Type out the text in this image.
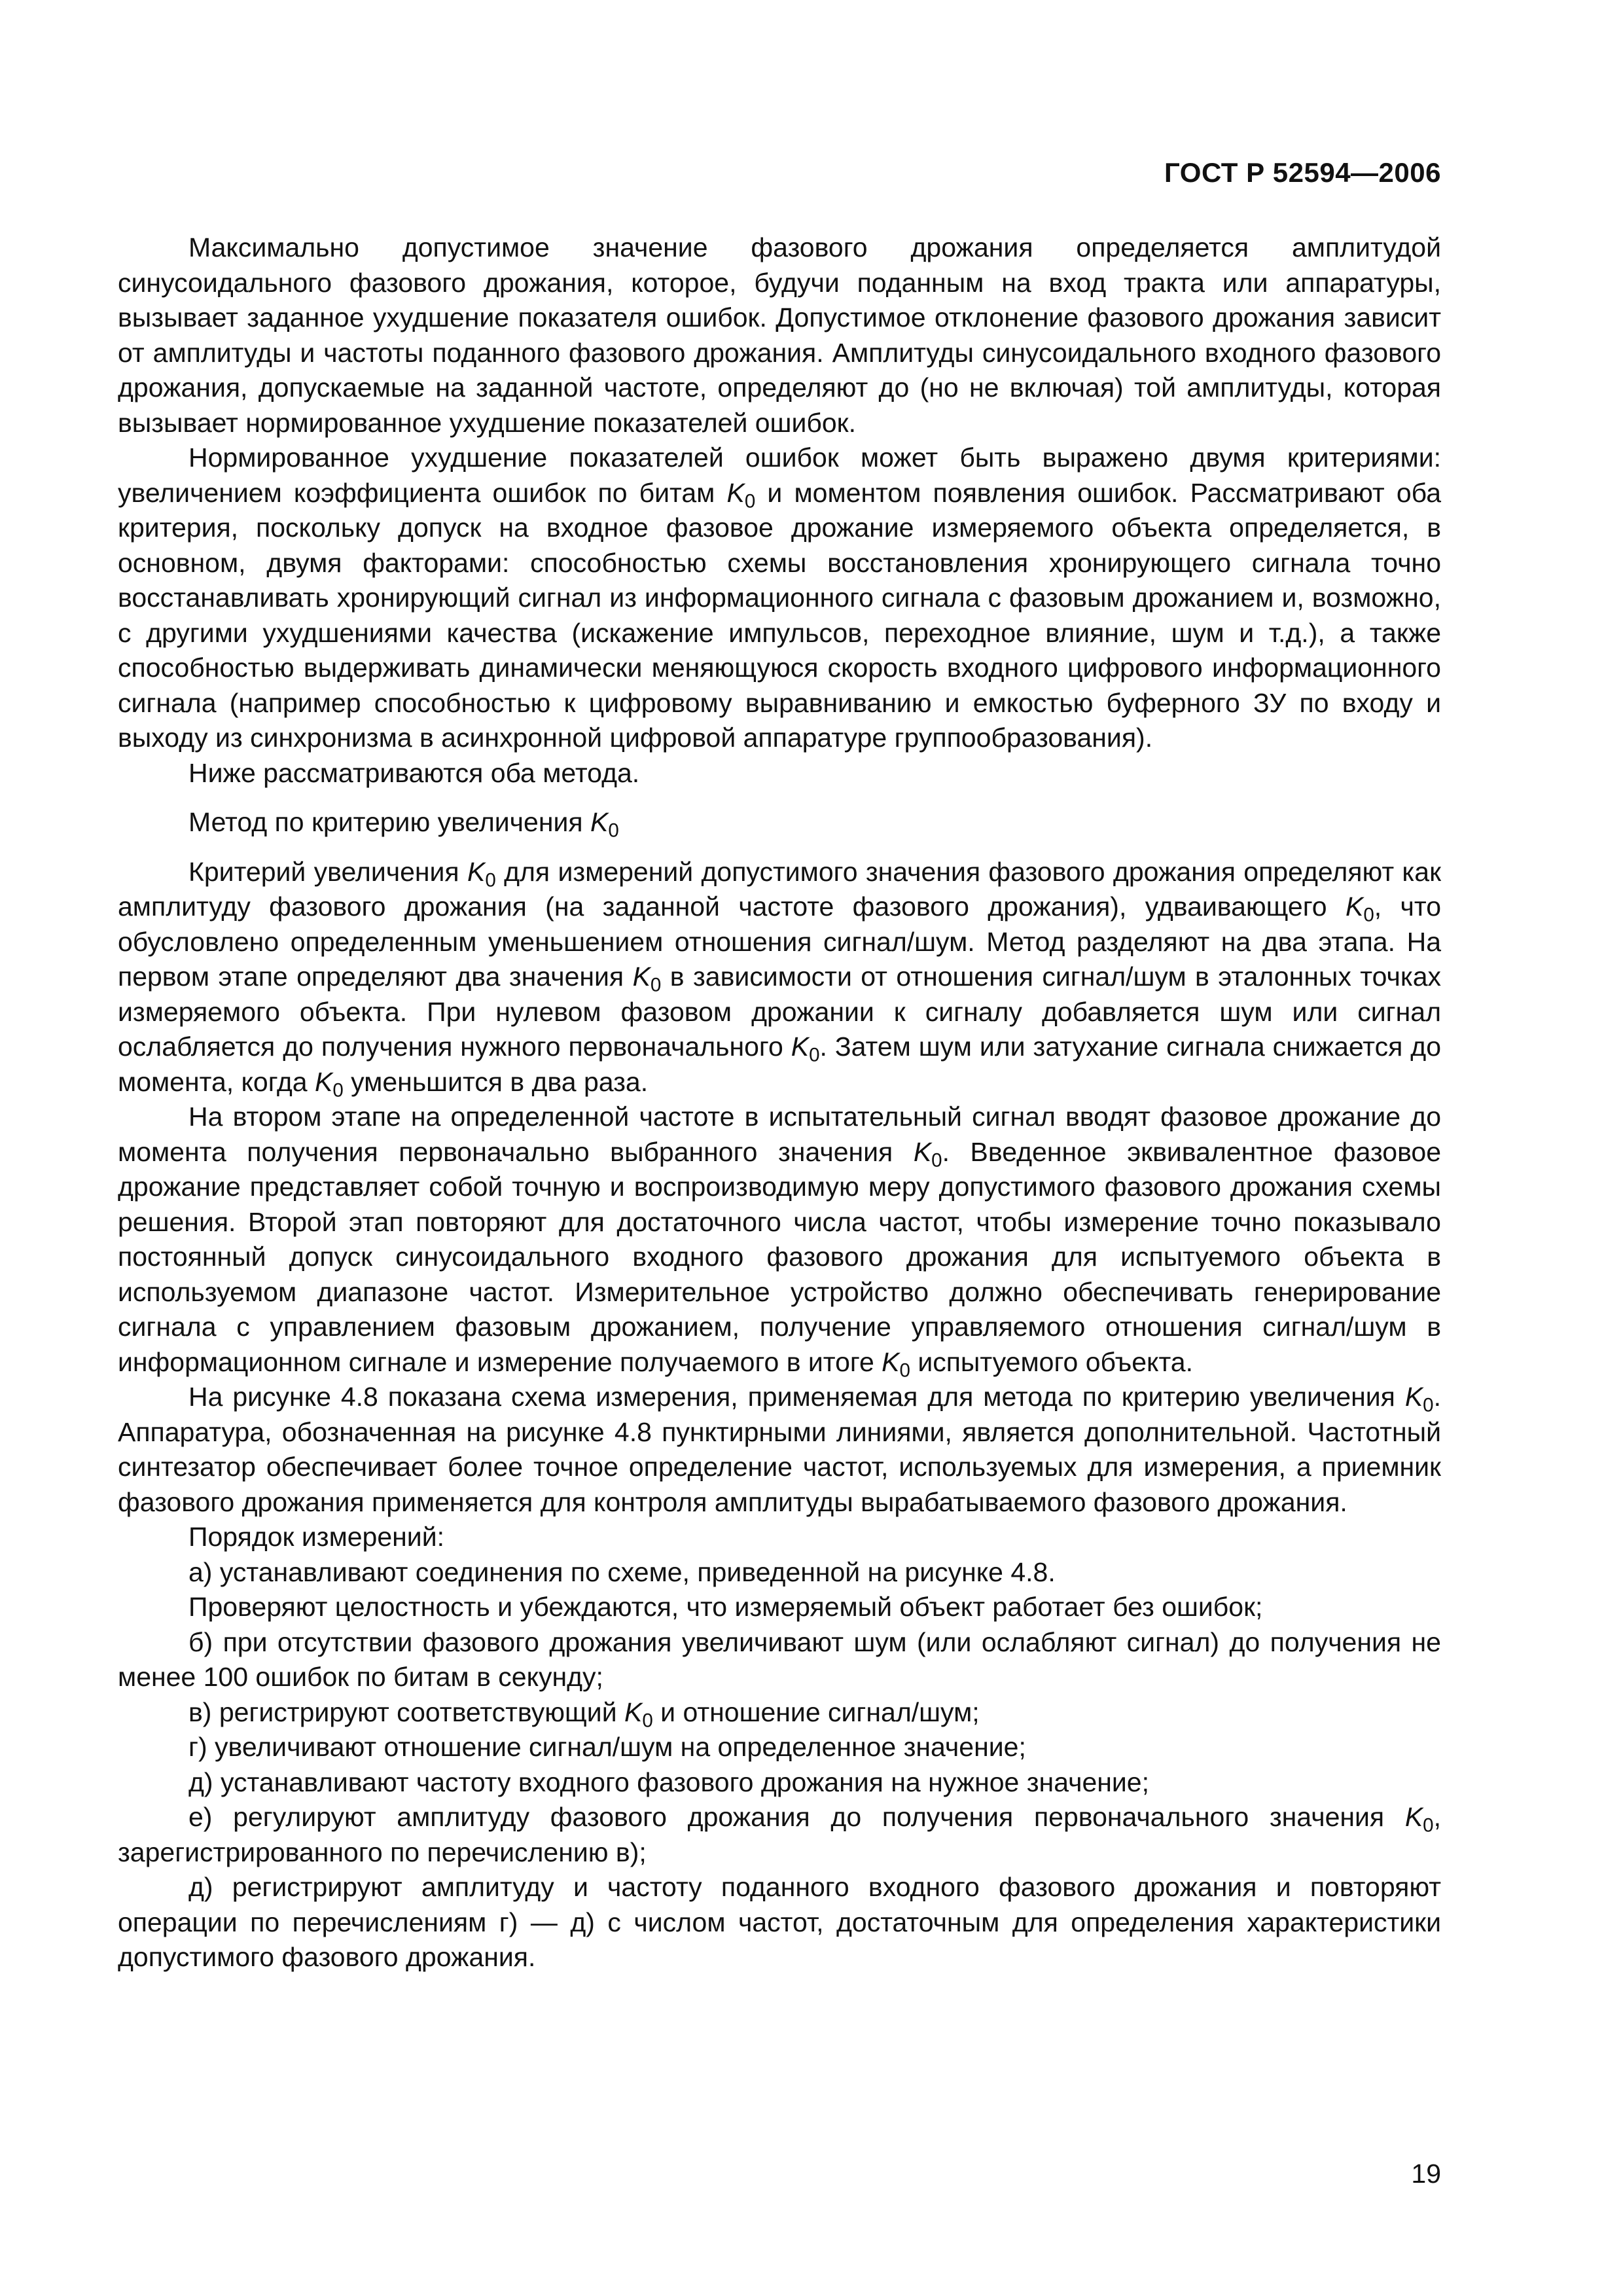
ГОСТ Р 52594—2006

Максимально допустимое значение фазового дрожания определяется амплитудой синусоидального фазового дрожания, которое, будучи поданным на вход тракта или аппаратуры, вызывает заданное ухудшение показателя ошибок. Допустимое отклонение фазового дрожания зависит от амплитуды и частоты поданного фазового дрожания. Амплитуды синусоидального входного фазового дрожания, допускаемые на заданной частоте, определяют до (но не включая) той амплитуды, которая вызывает нормированное ухудшение показателей ошибок.

Нормированное ухудшение показателей ошибок может быть выражено двумя критериями: увеличением коэффициента ошибок по битам $K_0$ и моментом появления ошибок. Рассматривают оба критерия, поскольку допуск на входное фазовое дрожание измеряемого объекта определяется, в основном, двумя факторами: способностью схемы восстановления хронирующего сигнала точно восстанавливать хронирующий сигнал из информационного сигнала с фазовым дрожанием и, возможно, с другими ухудшениями качества (искажение импульсов, переходное влияние, шум и т.д.), а также способностью выдерживать динамически меняющуюся скорость входного цифрового информационного сигнала (например способностью к цифровому выравниванию и емкостью буферного ЗУ по входу и выходу из синхронизма в асинхронной цифровой аппаратуре группообразования).

Ниже рассматриваются оба метода.

Метод по критерию увеличения $K_0$

Критерий увеличения $K_0$ для измерений допустимого значения фазового дрожания определяют как амплитуду фазового дрожания (на заданной частоте фазового дрожания), удваивающего $K_0$, что обусловлено определенным уменьшением отношения сигнал/шум. Метод разделяют на два этапа. На первом этапе определяют два значения $K_0$ в зависимости от отношения сигнал/шум в эталонных точках измеряемого объекта. При нулевом фазовом дрожании к сигналу добавляется шум или сигнал ослабляется до получения нужного первоначального $K_0$. Затем шум или затухание сигнала снижается до момента, когда $K_0$ уменьшится в два раза.

На втором этапе на определенной частоте в испытательный сигнал вводят фазовое дрожание до момента получения первоначально выбранного значения $K_0$. Введенное эквивалентное фазовое дрожание представляет собой точную и воспроизводимую меру допустимого фазового дрожания схемы решения. Второй этап повторяют для достаточного числа частот, чтобы измерение точно показывало постоянный допуск синусоидального входного фазового дрожания для испытуемого объекта в используемом диапазоне частот. Измерительное устройство должно обеспечивать генерирование сигнала с управлением фазовым дрожанием, получение управляемого отношения сигнал/шум в информационном сигнале и измерение получаемого в итоге $K_0$ испытуемого объекта.

На рисунке 4.8 показана схема измерения, применяемая для метода по критерию увеличения $K_0$. Аппаратура, обозначенная на рисунке 4.8 пунктирными линиями, является дополнительной. Частотный синтезатор обеспечивает более точное определение частот, используемых для измерения, а приемник фазового дрожания применяется для контроля амплитуды вырабатываемого фазового дрожания.

Порядок измерений:

а) устанавливают соединения по схеме, приведенной на рисунке 4.8.

Проверяют целостность и убеждаются, что измеряемый объект работает без ошибок;

б) при отсутствии фазового дрожания увеличивают шум (или ослабляют сигнал) до получения не менее 100 ошибок по битам в секунду;

в) регистрируют соответствующий $K_0$ и отношение сигнал/шум;

г) увеличивают отношение сигнал/шум на определенное значение;

д) устанавливают частоту входного фазового дрожания на нужное значение;

е) регулируют амплитуду фазового дрожания до получения первоначального значения $K_0$, зарегистрированного по перечислению в);

д) регистрируют амплитуду и частоту поданного входного фазового дрожания и повторяют операции по перечислениям г) — д) с числом частот, достаточным для определения характеристики допустимого фазового дрожания.

19
